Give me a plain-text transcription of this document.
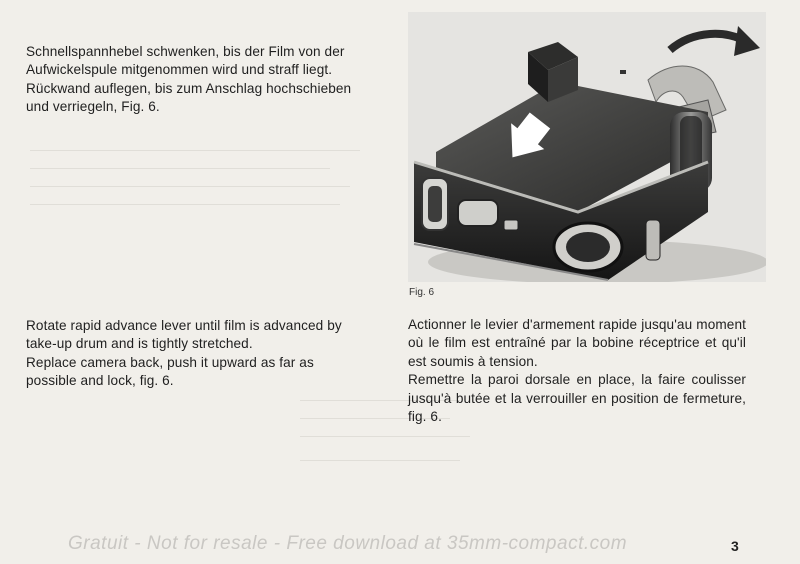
Schnellspannhebel schwenken, bis der Film von der Aufwickelspule mitgenommen wird und straff liegt.

Rückwand auflegen, bis zum Anschlag hochschieben und verriegeln, Fig. 6.

Rotate rapid advance lever until film is advanced by take-up drum and is tightly stretched.

Replace camera back, push it upward as far as possible and lock, fig. 6.

Actionner le levier d'armement rapide jusqu'au moment où le film est entraîné par la bobine réceptrice et qu'il est soumis à tension.

Remettre la paroi dorsale en place, la faire coulisser jusqu'à butée et la verrouiller en position de fermeture, fig. 6.

Fig. 6
Gratuit - Not for resale - Free download at 35mm-compact.com	3
